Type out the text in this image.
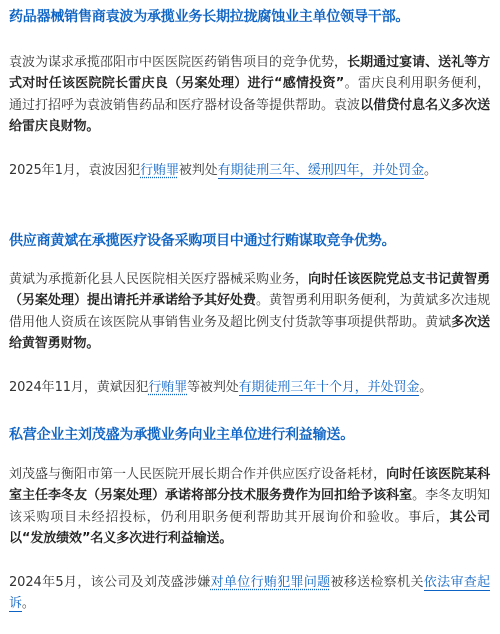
药品器械销售商袁波为承揽业务长期拉拢腐蚀业主单位领导干部。
袁波为谋求承揽邵阳市中医医院医药销售项目的竞争优势，长期通过宴请、送礼等方式对时任该医院院长雷庆良（另案处理）进行“感情投资”。雷庆良利用职务便利，通过打招呼为袁波销售药品和医疗器材设备等提供帮助。袁波以借贷付息名义多次送给雷庆良财物。
2025年1月，袁波因犯行贿罪被判处有期徒刑三年、缓刑四年，并处罚金。
供应商黄斌在承揽医疗设备采购项目中通过行贿谋取竞争优势。
黄斌为承揽新化县人民医院相关医疗器械采购业务，向时任该医院党总支书记黄智勇（另案处理）提出请托并承诺给予其好处费。黄智勇利用职务便利，为黄斌多次违规借用他人资质在该医院从事销售业务及超比例支付货款等事项提供帮助。黄斌多次送给黄智勇财物。
2024年11月，黄斌因犯行贿罪等被判处有期徒刑三年十个月，并处罚金。
私营企业主刘茂盛为承揽业务向业主单位进行利益输送。
刘茂盛与衡阳市第一人民医院开展长期合作并供应医疗设备耗材，向时任该医院某科室主任李冬友（另案处理）承诺将部分技术服务费作为回扣给予该科室。李冬友明知该采购项目未经招投标，仍利用职务便利帮助其开展询价和验收。事后，其公司以“发放绩效”名义多次进行利益输送。
2024年5月，该公司及刘茂盛涉嫌对单位行贿犯罪问题被移送检察机关依法审查起诉。
